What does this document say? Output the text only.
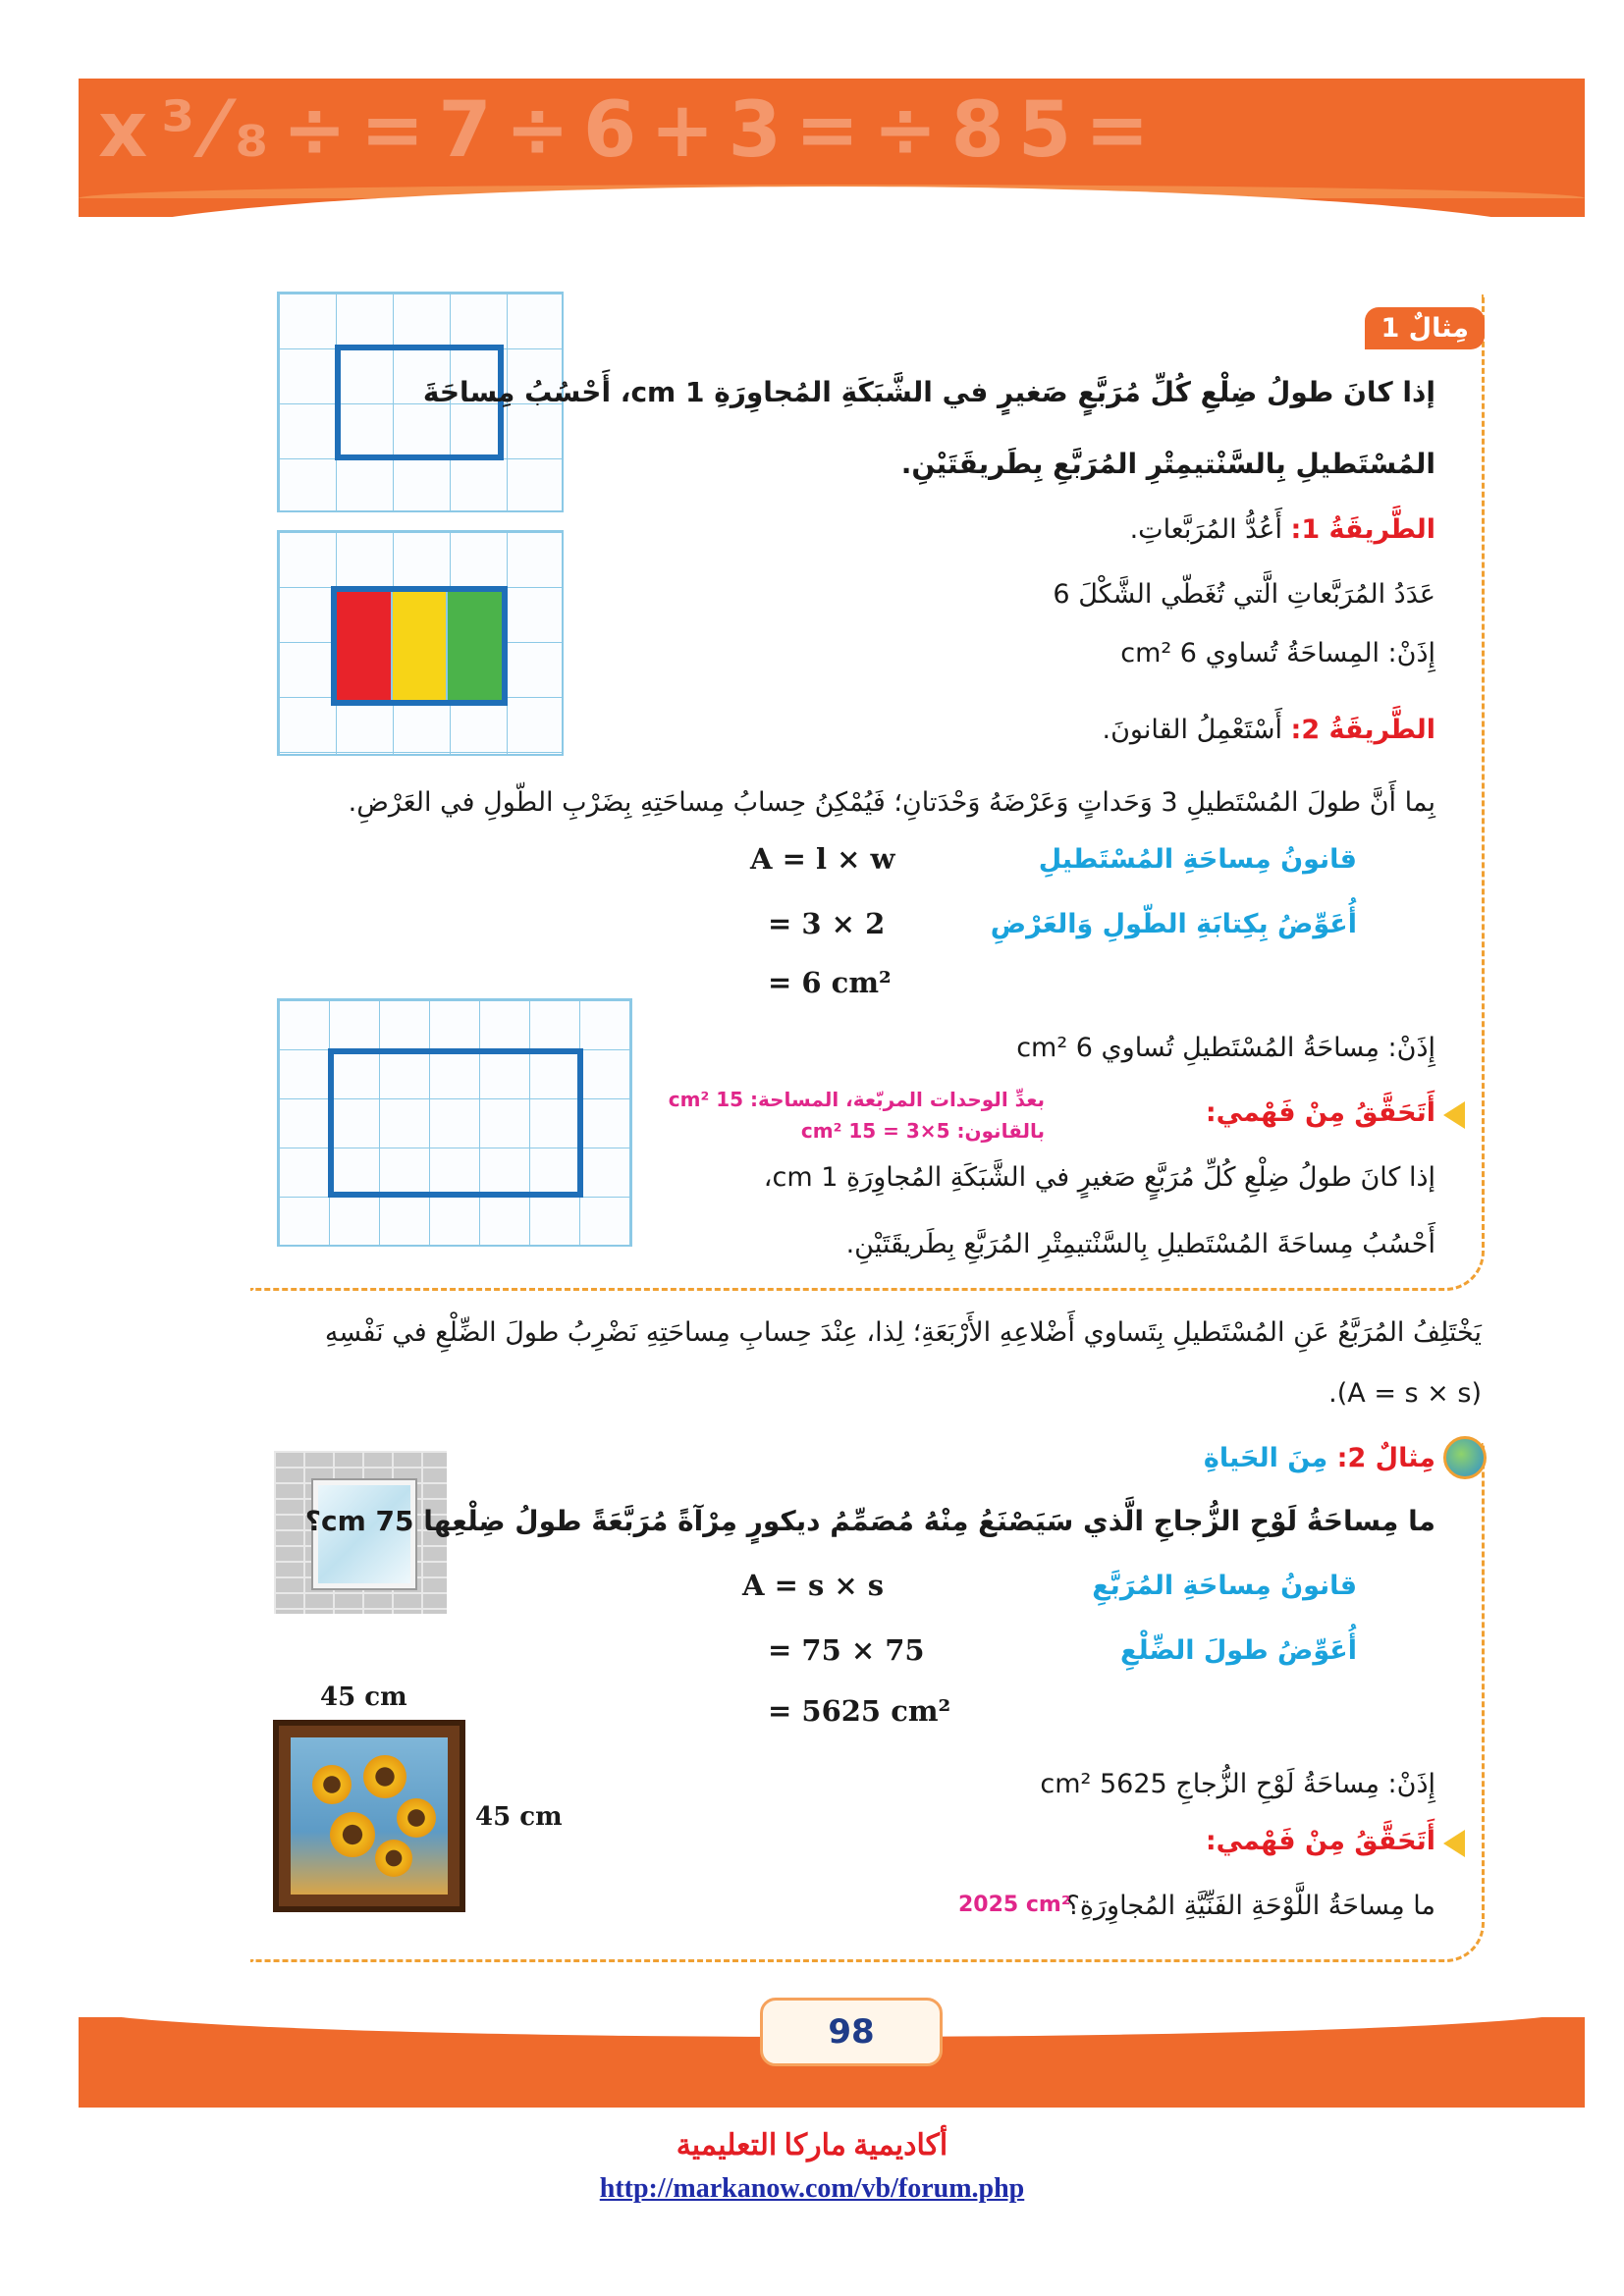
x³⁄₈÷=7÷6+3=÷85=
مِثالٌ 1
إذا كانَ طولُ ضِلْعِ كُلِّ مُرَبَّعٍ صَغيرٍ في الشَّبَكَةِ المُجاوِرَةِ 1 cm، أَحْسُبُ مِساحَةَ
المُسْتَطيلِ بِالسَّنْتيمِتْرِ المُرَبَّعِ بِطَريقَتَيْنِ.
الطَّريقَةُ 1: أَعُدُّ المُرَبَّعاتِ.
عَدَدُ المُرَبَّعاتِ الَّتي تُغَطّي الشَّكْلَ 6
إِذَنْ: المِساحَةُ تُساوي 6 cm²
الطَّريقَةُ 2: أَسْتَعْمِلُ القانونَ.
بِما أَنَّ طولَ المُسْتَطيلِ 3 وَحَداتٍ وَعَرْضَهُ وَحْدَتانِ؛ فَيُمْكِنُ حِسابُ مِساحَتِهِ بِضَرْبِ الطّولِ في العَرْضِ.
قانونُ مِساحَةِ المُسْتَطيلِ
أُعَوِّضُ بِكِتابَةِ الطّولِ وَالعَرْضِ
A = l × w
= 3 × 2
= 6 cm²
إِذَنْ: مِساحَةُ المُسْتَطيلِ تُساوي 6 cm²
أَتَحَقَّقُ مِنْ فَهْمي:
بعدِّ الوحدات المربّعة، المساحة: 15 cm²
بالقانون: 5×3 = 15 cm²
إذا كانَ طولُ ضِلْعِ كُلِّ مُرَبَّعٍ صَغيرٍ في الشَّبَكَةِ المُجاوِرَةِ 1 cm،
أَحْسُبُ مِساحَةَ المُسْتَطيلِ بِالسَّنْتيمِتْرِ المُرَبَّعِ بِطَريقَتَيْنِ.
يَخْتَلِفُ المُرَبَّعُ عَنِ المُسْتَطيلِ بِتَساوي أَضْلاعِهِ الأَرْبَعَةِ؛ لِذا، عِنْدَ حِسابِ مِساحَتِهِ نَضْرِبُ طولَ الضِّلْعِ في نَفْسِهِ
(A = s × s).
مِثالٌ 2: مِنَ الحَياةِ
ما مِساحَةُ لَوْحِ الزُّجاجِ الَّذي سَيَصْنَعُ مِنْهُ مُصَمِّمُ ديكورٍ مِرْآةً مُرَبَّعَةً طولُ ضِلْعِها 75 cm؟
قانونُ مِساحَةِ المُرَبَّعِ
أُعَوِّضُ طولَ الضِّلْعِ
A = s × s
= 75 × 75
= 5625 cm²
45 cm
45 cm
إِذَنْ: مِساحَةُ لَوْحِ الزُّجاجِ 5625 cm²
أَتَحَقَّقُ مِنْ فَهْمي:
ما مِساحَةُ اللَّوْحَةِ الفَنِّيَّةِ المُجاوِرَةِ؟
2025 cm²
98
أكاديمية ماركا التعليمية
http://markanow.com/vb/forum.php
